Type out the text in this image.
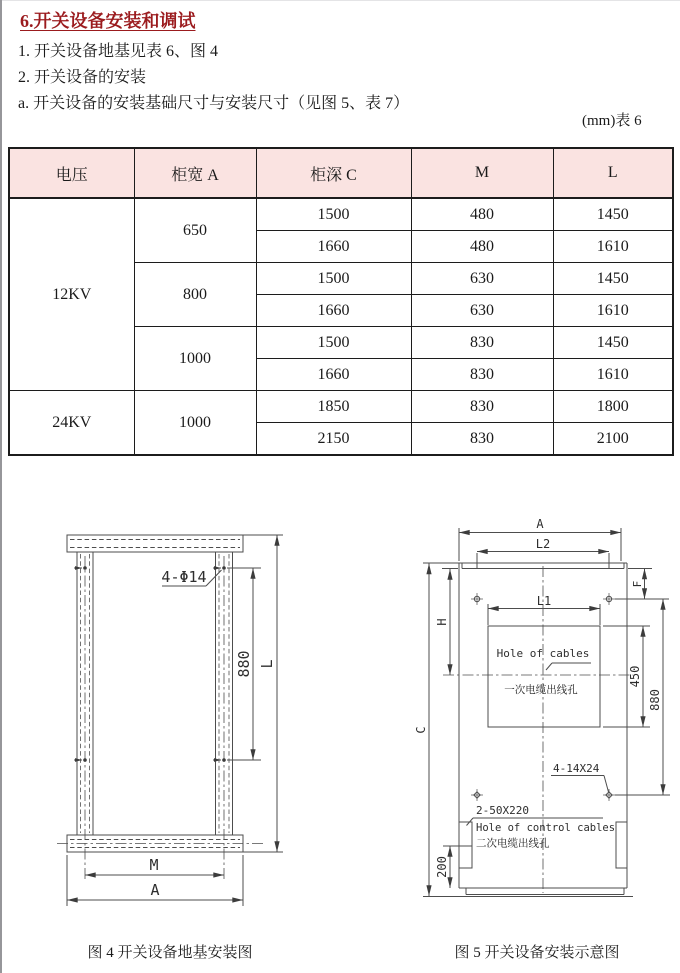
6.开关设备安装和调试
1. 开关设备地基见表 6、图 4
2. 开关设备的安装
a. 开关设备的安装基础尺寸与安装尺寸（见图 5、表 7）
(mm)表 6
电压	柜宽 A	柜深 C	M	L
12KV	650	1500	480	1450
		1660	480	1610
	800	1500	630	1450
		1660	630	1610
	1000	1500	830	1450
		1660	830	1610
24KV	1000	1850	830	1800
		2150	830	2100
4-Φ14
880 L
M
A
A
L2
F
L1
H
C
Hole of cables
一次电缆出线孔
450
880
200
4-14X24
2-50X220
Hole of control cables
二次电缆出线孔
图 4 开关设备地基安装图	图 5 开关设备安装示意图
